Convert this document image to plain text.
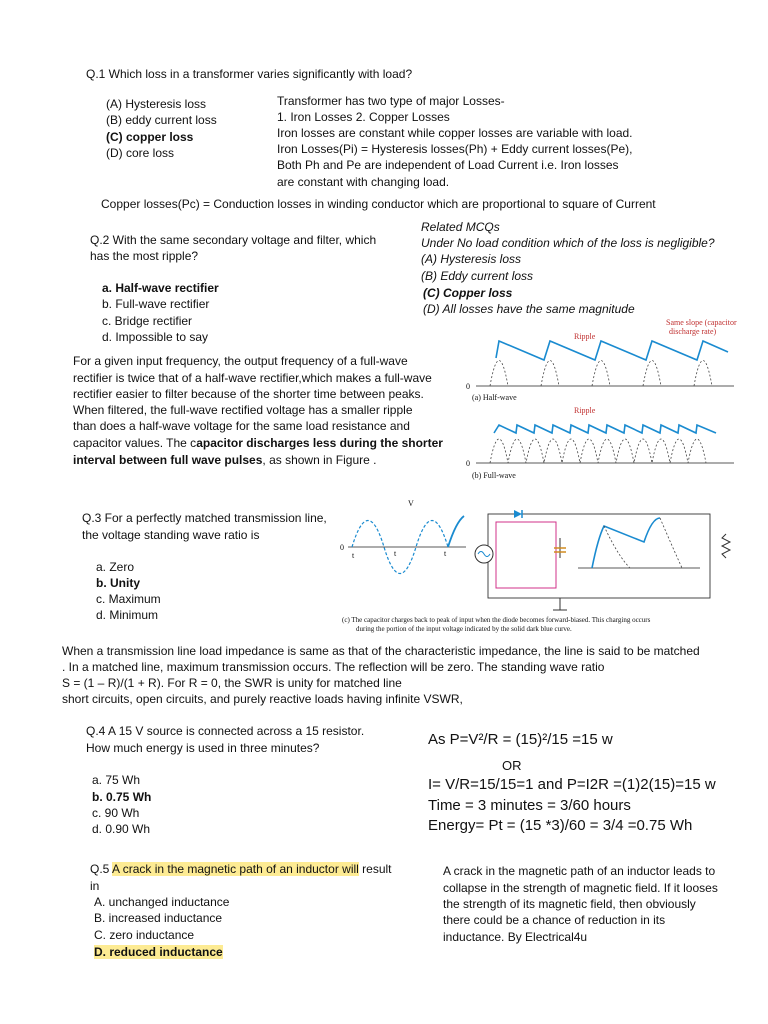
Q.1 Which loss in a transformer varies significantly with load?
(A) Hysteresis loss
(B) eddy current loss
(C) copper loss
(D) core loss
Transformer has two type of major Losses-
1. Iron Losses 2. Copper Losses
Iron losses are constant while copper losses are variable with load.
Iron Losses(Pi) = Hysteresis losses(Ph) + Eddy current losses(Pe),
Both Ph and Pe are independent of Load Current i.e. Iron losses
are constant with changing load.
Copper losses(Pc) = Conduction losses in winding conductor which are proportional to square of Current
Related MCQs
Under No load condition which of the loss is negligible?
(A) Hysteresis loss
(B) Eddy current loss
(C) Copper loss
(D) All losses have the same magnitude
Q.2 With the same secondary voltage and filter, which
has the most ripple?
a. Half-wave rectifier
b. Full-wave rectifier
c. Bridge rectifier
d. Impossible to say
For a given input frequency, the output frequency of a full-wave
rectifier is twice that of a half-wave rectifier,which makes a full-wave
rectifier easier to filter because of the shorter time between peaks.
When filtered, the full-wave rectified voltage has a smaller ripple
than does a half-wave voltage for the same load resistance and
capacitor values. The capacitor discharges less during the shorter
interval between full wave pulses, as shown in Figure .
0
Ripple
Same slope (capacitor
discharge rate)
(a) Half-wave
0
Ripple
(b) Full-wave
Q.3 For a perfectly matched transmission line,
the voltage standing wave ratio is
a. Zero
b. Unity
c. Maximum
d. Minimum
0
V
t	t	t
(c) The capacitor charges back to peak of input when the diode becomes forward-biased. This charging occurs
during the portion of the input voltage indicated by the solid dark blue curve.
When a transmission line load impedance is same as that of the characteristic impedance, the line is said to be matched
. In a matched line, maximum transmission occurs. The reflection will be zero. The standing wave ratio
S = (1 – R)/(1 + R). For R = 0, the SWR is unity for matched line
short circuits, open circuits, and purely reactive loads having infinite VSWR,
Q.4 A 15 V source is connected across a 15 resistor.
How much energy is used in three minutes?
a. 75 Wh
b. 0.75 Wh
c. 90 Wh
d. 0.90 Wh
As P=V²/R = (15)²/15 =15 w
OR
I= V/R=15/15=1 and P=I2R =(1)2(15)=15 w
Time = 3 minutes = 3/60 hours
Energy= Pt = (15 *3)/60 = 3/4 =0.75 Wh
Q.5 A crack in the magnetic path of an inductor will result
in
A. unchanged inductance
B. increased inductance
C. zero inductance
D. reduced inductance
A crack in the magnetic path of an inductor leads to
collapse in the strength of magnetic field. If it looses
the strength of its magnetic field, then obviously
there could be a chance of reduction in its
inductance. By Electrical4u
